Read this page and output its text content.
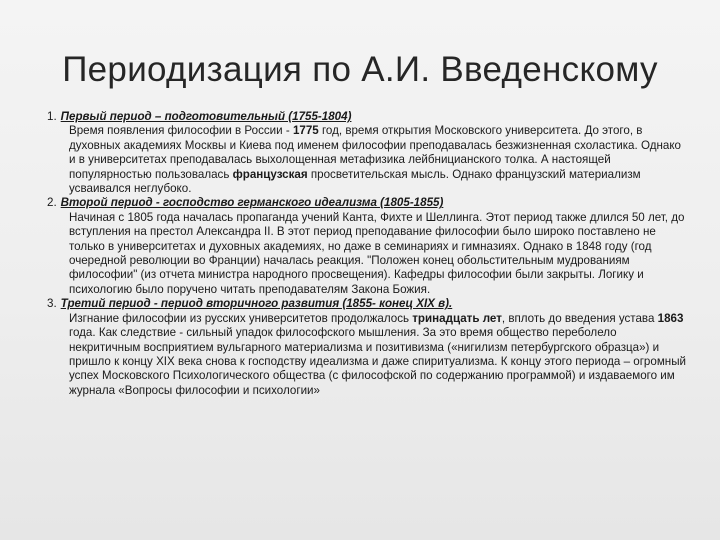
Периодизация по А.И. Введенскому
1. Первый период – подготовительный (1755-1804)

Время появления философии в России - 1775 год, время открытия Московского университета. До этого, в духовных академиях Москвы и Киева под именем философии преподавалась безжизненная схоластика. Однако и в университетах преподавалась выхолощенная метафизика лейбницианского толка. А настоящей популярностью пользовалась французская просветительская мысль. Однако французский материализм усваивался неглубоко.

2. Второй период - господство германского идеализма (1805-1855)

Начиная с 1805 года началась пропаганда учений Канта, Фихте и Шеллинга. Этот период также длился 50 лет, до вступления на престол Александра II. В этот период преподавание философии было широко поставлено не только в университетах и духовных академиях, но даже в семинариях и гимназиях. Однако в 1848 году (год очередной революции во Франции) началась реакция. "Положен конец обольстительным мудрованиям философии" (из отчета министра народного просвещения). Кафедры философии были закрыты. Логику и психологию было поручено читать преподавателям Закона Божия.

3. Третий период - период вторичного развития (1855- конец XIX в).

Изгнание философии из русских университетов продолжалось тринадцать лет, вплоть до введения устава 1863 года. Как следствие - сильный упадок философского мышления. За это время общество переболело некритичным восприятием вульгарного материализма и позитивизма («нигилизм петербургского образца») и пришло к концу XIX века снова к господству идеализма и даже спиритуализма. К концу этого периода – огромный успех Московского Психологического общества (с философской по содержанию программой) и издаваемого им журнала «Вопросы философии и психологии»
